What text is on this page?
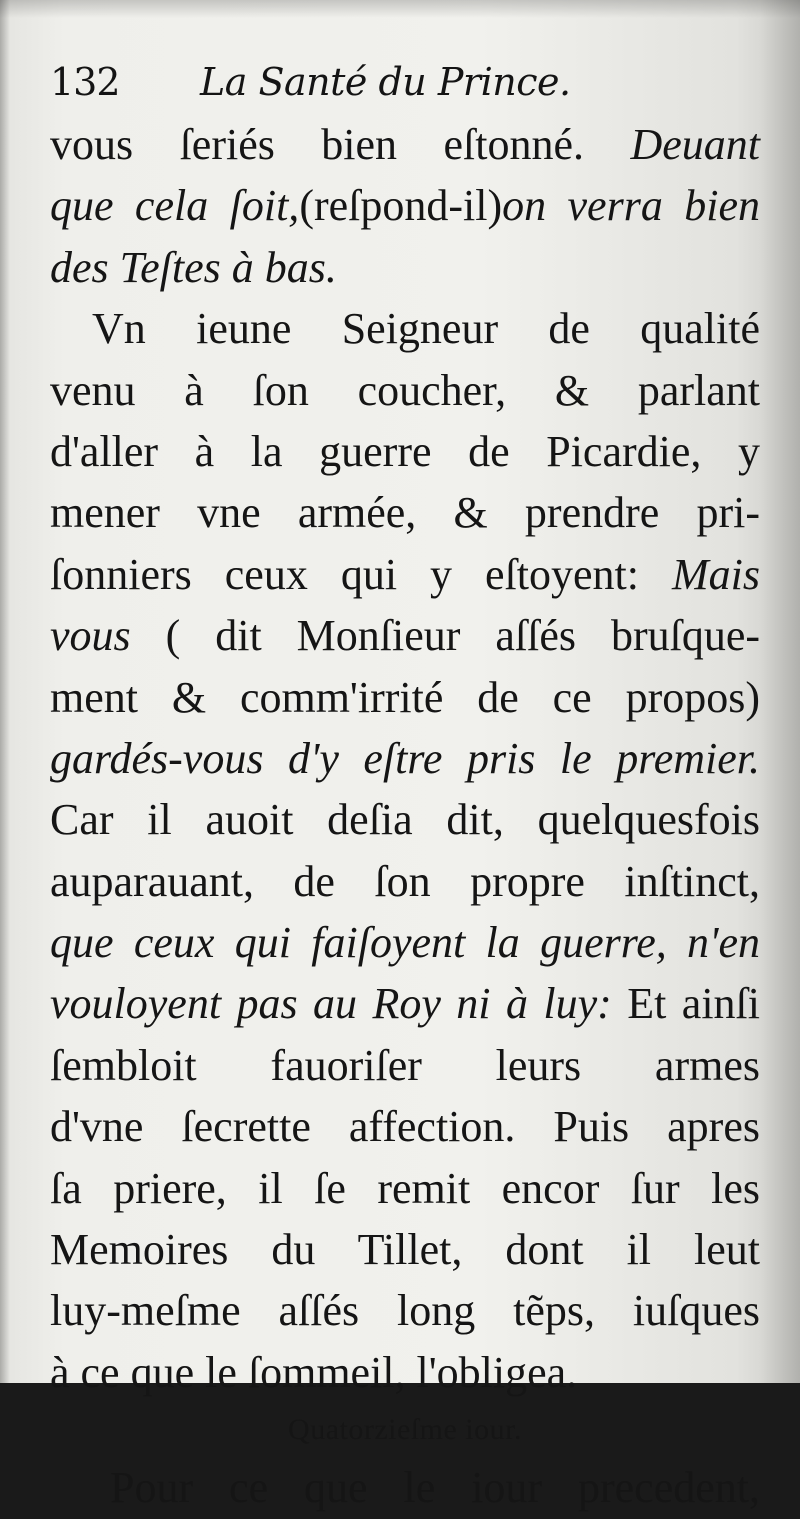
132 La Santé du Prince.
vous ſeriés bien eſtonné. Deuant
que cela ſoit,(reſpond-il)on verra bien
des Teſtes à bas.
Vn ieune Seigneur de qualité
venu à ſon coucher, & parlant
d'aller à la guerre de Picardie, y
mener vne armée, & prendre pri-
ſonniers ceux qui y eſtoyent: Mais
vous ( dit Monſieur aſſés bruſque-
ment & comm'irrité de ce propos)
gardés-vous d'y eſtre pris le premier.
Car il auoit deſia dit, quelquesfois
auparauant, de ſon propre inſtinct,
que ceux qui faiſoyent la guerre, n'en
vouloyent pas au Roy ni à luy: Et ainſi
ſembloit fauoriſer leurs armes
d'vne ſecrette affection. Puis apres
ſa priere, il ſe remit encor ſur les
Memoires du Tillet, dont il leut
luy-meſme aſſés long tẽps, iuſques
à ce que le ſommeil, l'obligea.
Quatorzieſme iour.
Pour ce que le iour precedent,
